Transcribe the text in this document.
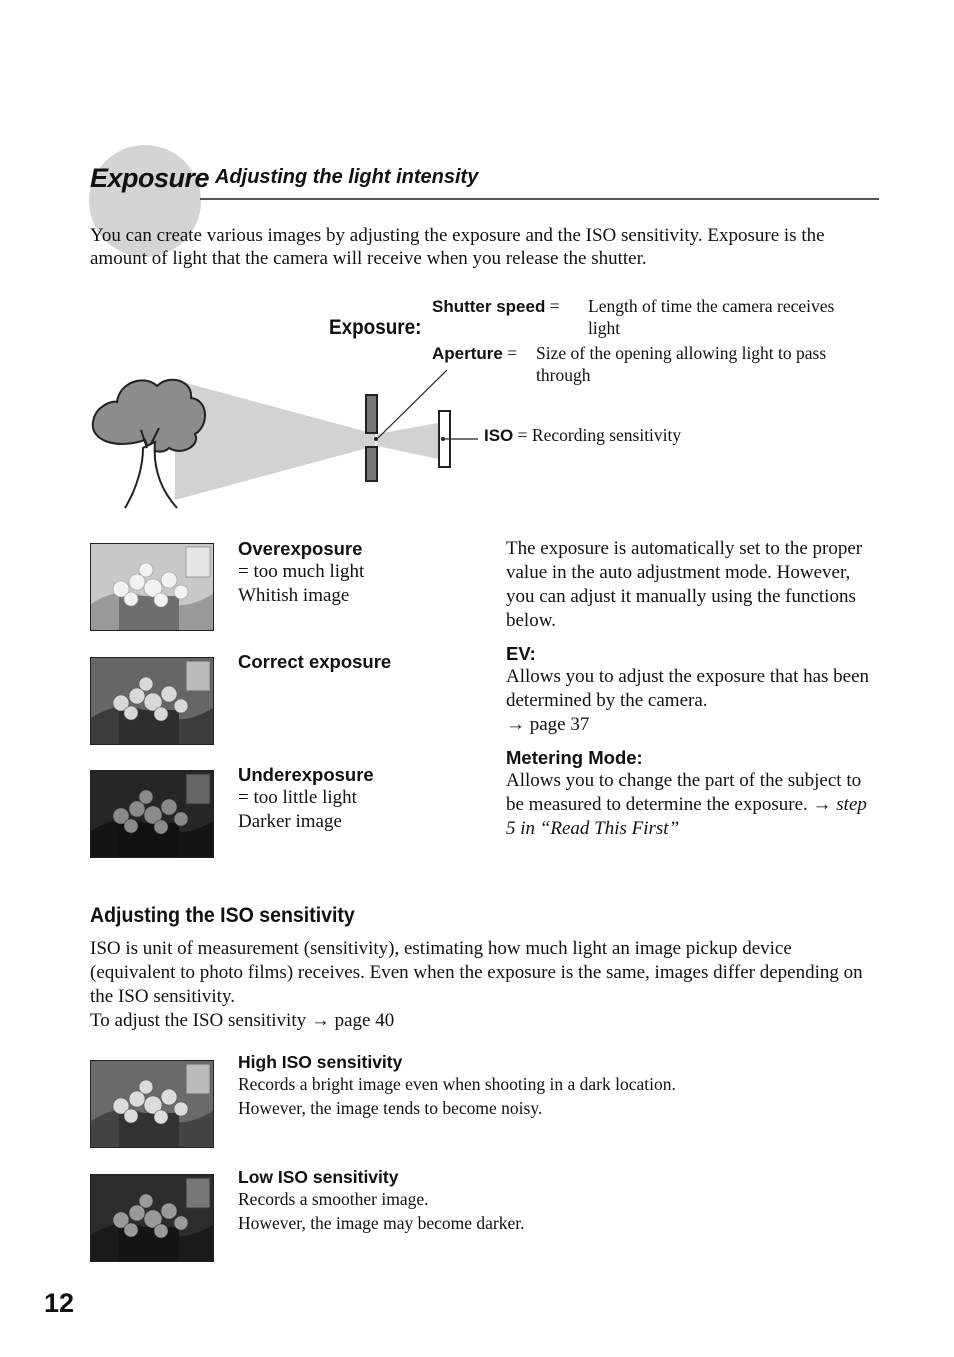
Exposure Adjusting the light intensity
You can create various images by adjusting the exposure and the ISO sensitivity. Exposure is the amount of light that the camera will receive when you release the shutter.
Exposure:
Shutter speed =	Length of time the camera receives
light
Aperture = Size of the opening allowing light to pass
through
ISO = Recording sensitivity
Overexposure
= too much light
Whitish image
Correct exposure
Underexposure
= too little light
Darker image
The exposure is automatically set to the proper value in the auto adjustment mode. However, you can adjust it manually using the functions below.
EV:
Allows you to adjust the exposure that has been determined by the camera.
→ page 37
Metering Mode:
Allows you to change the part of the subject to be measured to determine the exposure. → step 5 in “Read This First”
Adjusting the ISO sensitivity
ISO is unit of measurement (sensitivity), estimating how much light an image pickup device (equivalent to photo films) receives. Even when the exposure is the same, images differ depending on the ISO sensitivity.
To adjust the ISO sensitivity → page 40
High ISO sensitivity
Records a bright image even when shooting in a dark location.
However, the image tends to become noisy.
Low ISO sensitivity
Records a smoother image.
However, the image may become darker.
12
